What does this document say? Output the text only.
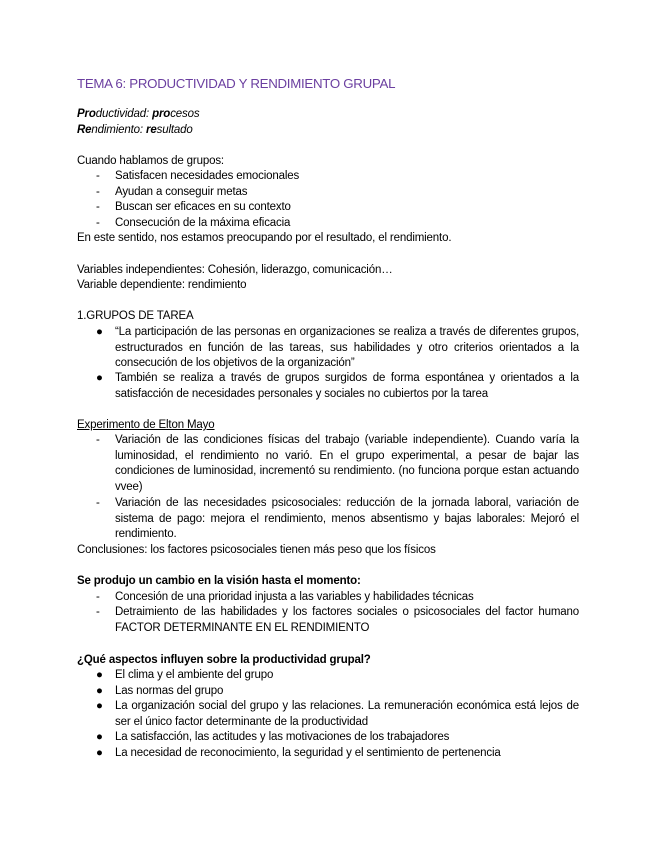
TEMA 6: PRODUCTIVIDAD Y RENDIMIENTO GRUPAL
Productividad: procesos
Rendimiento: resultado
Cuando hablamos de grupos:
-	Satisfacen necesidades emocionales
-	Ayudan a conseguir metas
-	Buscan ser eficaces en su contexto
-	Consecución de la máxima eficacia
En este sentido, nos estamos preocupando por el resultado, el rendimiento.
Variables independientes: Cohesión, liderazgo, comunicación…
Variable dependiente: rendimiento
1.GRUPOS DE TAREA
●	“La participación de las personas en organizaciones se realiza a través de diferentes grupos, estructurados en función de las tareas, sus habilidades y otro criterios orientados a la consecución de los objetivos de la organización”
●	También se realiza a través de grupos surgidos de forma espontánea y orientados a la satisfacción de necesidades personales y sociales no cubiertos por la tarea
Experimento de Elton Mayo
-	Variación de las condiciones físicas del trabajo (variable independiente). Cuando varía la luminosidad, el rendimiento no varió. En el grupo experimental, a pesar de bajar las condiciones de luminosidad, incrementó su rendimiento. (no funciona porque estan actuando vvee)
-	Variación de las necesidades psicosociales: reducción de la jornada laboral, variación de sistema de pago: mejora el rendimiento, menos absentismo y bajas laborales: Mejoró el rendimiento.
Conclusiones: los factores psicosociales tienen más peso que los físicos
Se produjo un cambio en la visión hasta el momento:
-	Concesión de una prioridad injusta a las variables y habilidades técnicas
-	Detraimiento de las habilidades y los factores sociales o psicosociales del factor humano FACTOR DETERMINANTE EN EL RENDIMIENTO
¿Qué aspectos influyen sobre la productividad grupal?
●	El clima y el ambiente del grupo
●	Las normas del grupo
●	La organización social del grupo y las relaciones. La remuneración económica está lejos de ser el único factor determinante de la productividad
●	La satisfacción, las actitudes y las motivaciones de los trabajadores
●	La necesidad de reconocimiento, la seguridad y el sentimiento de pertenencia
